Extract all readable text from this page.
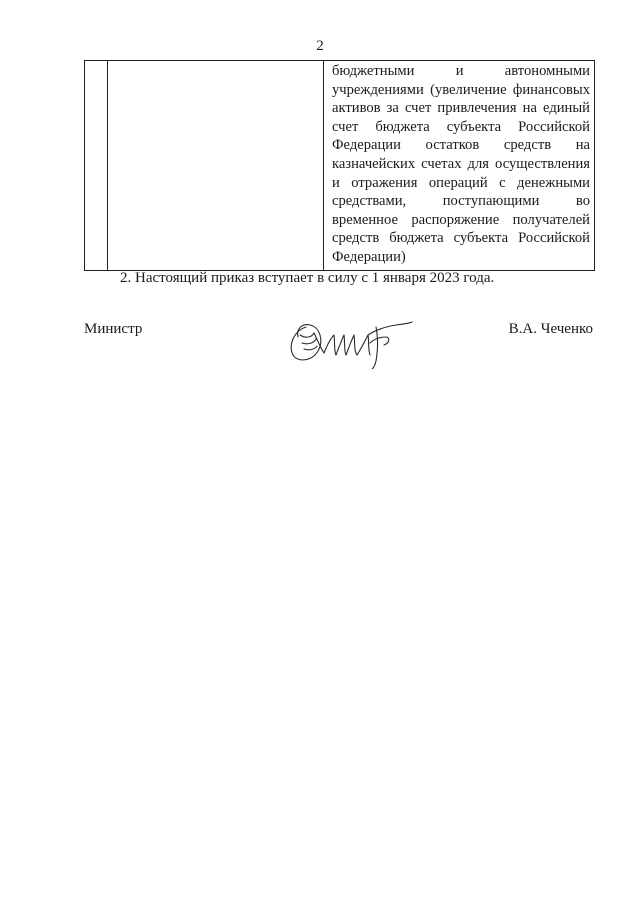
2

бюджетными и автономными
учреждениями (увеличение финансовых
активов за счет привлечения на единый
счет бюджета субъекта Российской
Федерации остатков средств на
казначейских счетах для осуществления
и отражения операций с денежными
средствами, поступающими во
временное распоряжение получателей
средств бюджета субъекта Российской
Федерации)
2. Настоящий приказ вступает в силу с 1 января 2023 года.
Министр	В.А. Чеченко
